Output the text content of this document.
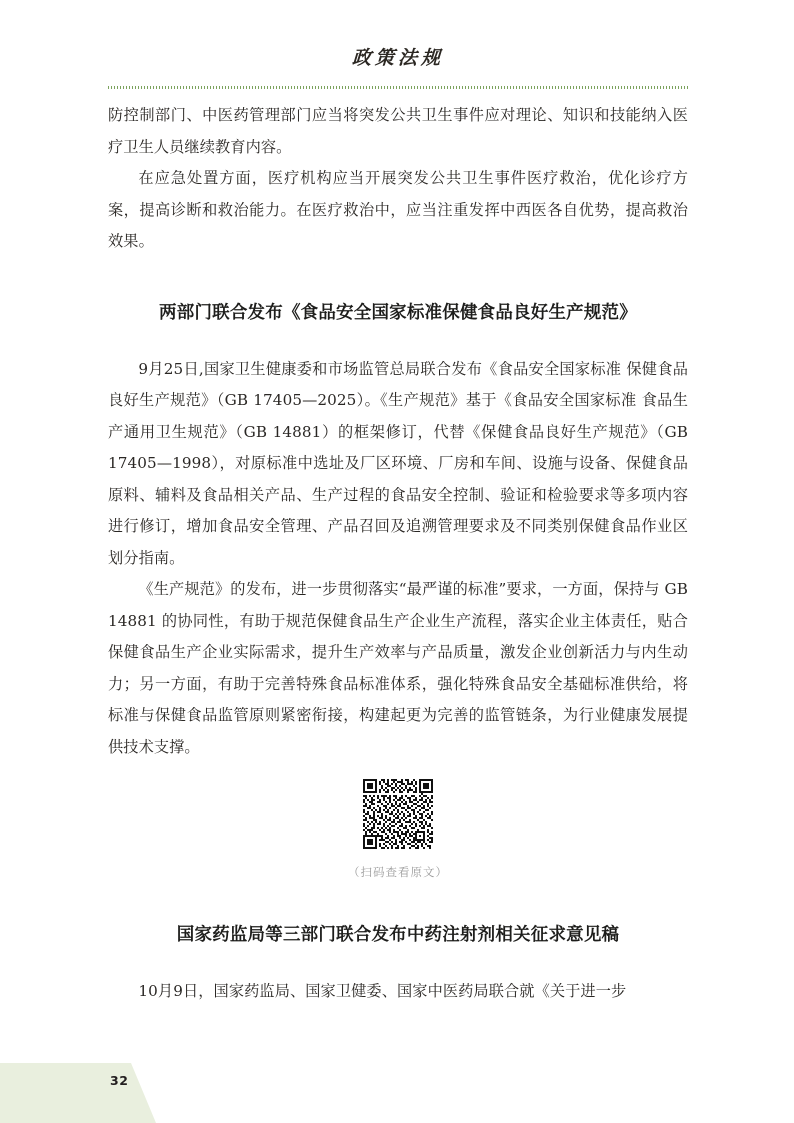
政策法规

防控制部门、中医药管理部门应当将突发公共卫生事件应对理论、知识和技能纳入医疗卫生人员继续教育内容。

在应急处置方面，医疗机构应当开展突发公共卫生事件医疗救治，优化诊疗方案，提高诊断和救治能力。在医疗救治中，应当注重发挥中西医各自优势，提高救治效果。

两部门联合发布《食品安全国家标准保健食品良好生产规范》

9月25日,国家卫生健康委和市场监管总局联合发布《食品安全国家标准 保健食品良好生产规范》（GB 17405—2025）。《生产规范》基于《食品安全国家标准 食品生产通用卫生规范》（GB 14881）的框架修订，代替《保健食品良好生产规范》（GB 17405—1998），对原标准中选址及厂区环境、厂房和车间、设施与设备、保健食品原料、辅料及食品相关产品、生产过程的食品安全控制、验证和检验要求等多项内容进行修订，增加食品安全管理、产品召回及追溯管理要求及不同类别保健食品作业区划分指南。

《生产规范》的发布，进一步贯彻落实“最严谨的标准”要求，一方面，保持与 GB 14881 的协同性，有助于规范保健食品生产企业生产流程，落实企业主体责任，贴合保健食品生产企业实际需求，提升生产效率与产品质量，激发企业创新活力与内生动力；另一方面，有助于完善特殊食品标准体系，强化特殊食品安全基础标准供给，将标准与保健食品监管原则紧密衔接，构建起更为完善的监管链条，为行业健康发展提供技术支撑。

（扫码查看原文）
国家药监局等三部门联合发布中药注射剂相关征求意见稿

10月9日，国家药监局、国家卫健委、国家中医药局联合就《关于进一步

32
